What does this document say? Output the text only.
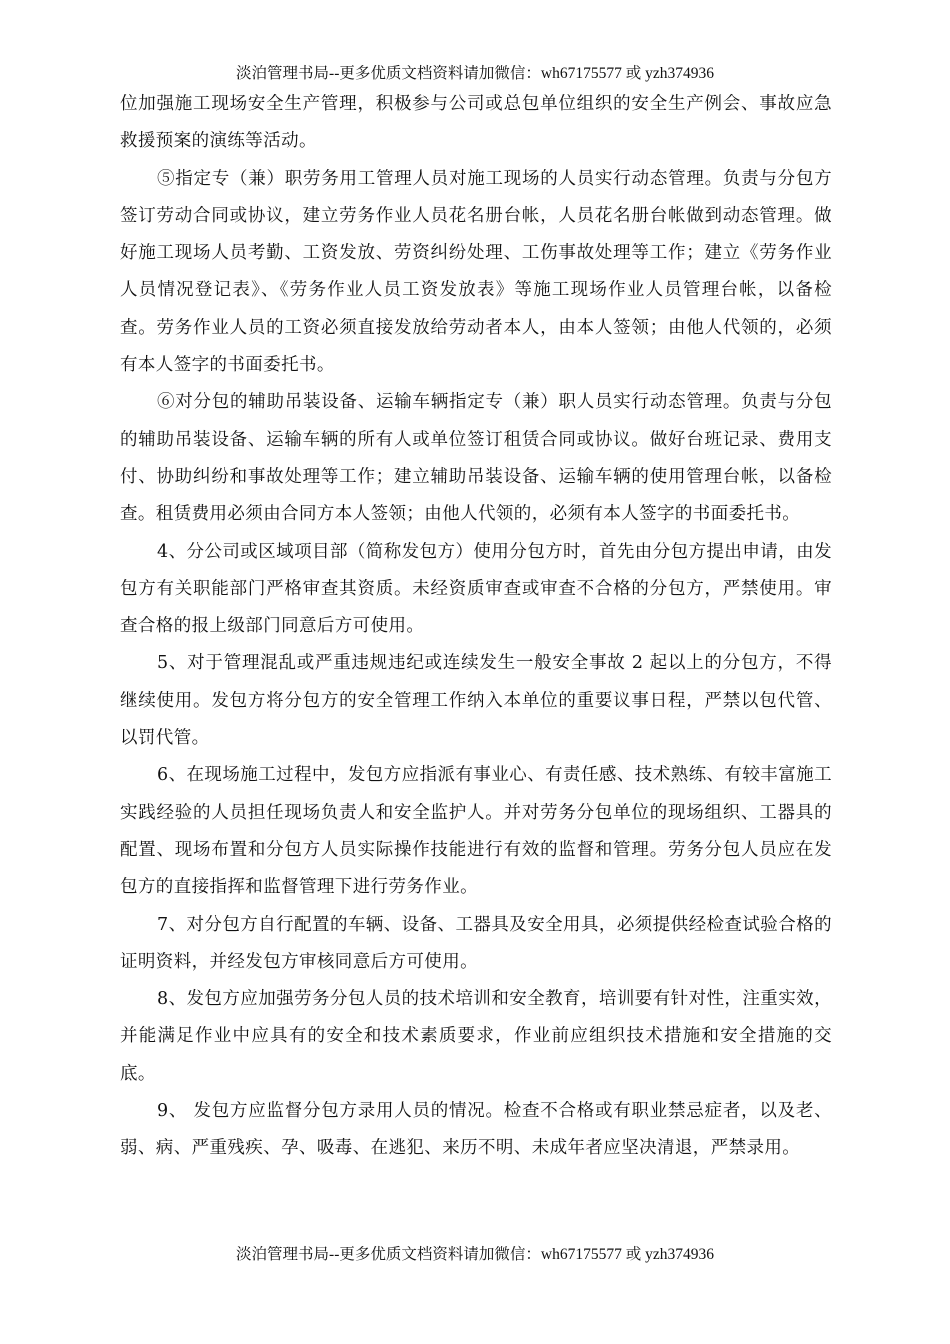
淡泊管理书局--更多优质文档资料请加微信：wh67175577 或 yzh374936

位加强施工现场安全生产管理，积极参与公司或总包单位组织的安全生产例会、事故应急救援预案的演练等活动。

⑤指定专（兼）职劳务用工管理人员对施工现场的人员实行动态管理。负责与分包方签订劳动合同或协议，建立劳务作业人员花名册台帐，人员花名册台帐做到动态管理。做好施工现场人员考勤、工资发放、劳资纠纷处理、工伤事故处理等工作；建立《劳务作业人员情况登记表》、《劳务作业人员工资发放表》等施工现场作业人员管理台帐，以备检查。劳务作业人员的工资必须直接发放给劳动者本人，由本人签领；由他人代领的，必须有本人签字的书面委托书。

⑥对分包的辅助吊装设备、运输车辆指定专（兼）职人员实行动态管理。负责与分包的辅助吊装设备、运输车辆的所有人或单位签订租赁合同或协议。做好台班记录、费用支付、协助纠纷和事故处理等工作；建立辅助吊装设备、运输车辆的使用管理台帐，以备检查。租赁费用必须由合同方本人签领；由他人代领的，必须有本人签字的书面委托书。

4、分公司或区域项目部（简称发包方）使用分包方时，首先由分包方提出申请，由发包方有关职能部门严格审查其资质。未经资质审查或审查不合格的分包方，严禁使用。审查合格的报上级部门同意后方可使用。

5、对于管理混乱或严重违规违纪或连续发生一般安全事故 2 起以上的分包方，不得继续使用。发包方将分包方的安全管理工作纳入本单位的重要议事日程，严禁以包代管、以罚代管。

6、在现场施工过程中，发包方应指派有事业心、有责任感、技术熟练、有较丰富施工实践经验的人员担任现场负责人和安全监护人。并对劳务分包单位的现场组织、工器具的配置、现场布置和分包方人员实际操作技能进行有效的监督和管理。劳务分包人员应在发包方的直接指挥和监督管理下进行劳务作业。

7、对分包方自行配置的车辆、设备、工器具及安全用具，必须提供经检查试验合格的证明资料，并经发包方审核同意后方可使用。

8、发包方应加强劳务分包人员的技术培训和安全教育，培训要有针对性，注重实效，并能满足作业中应具有的安全和技术素质要求，作业前应组织技术措施和安全措施的交底。

9、 发包方应监督分包方录用人员的情况。检查不合格或有职业禁忌症者，以及老、弱、病、严重残疾、孕、吸毒、在逃犯、来历不明、未成年者应坚决清退，严禁录用。

淡泊管理书局--更多优质文档资料请加微信：wh67175577 或 yzh374936
